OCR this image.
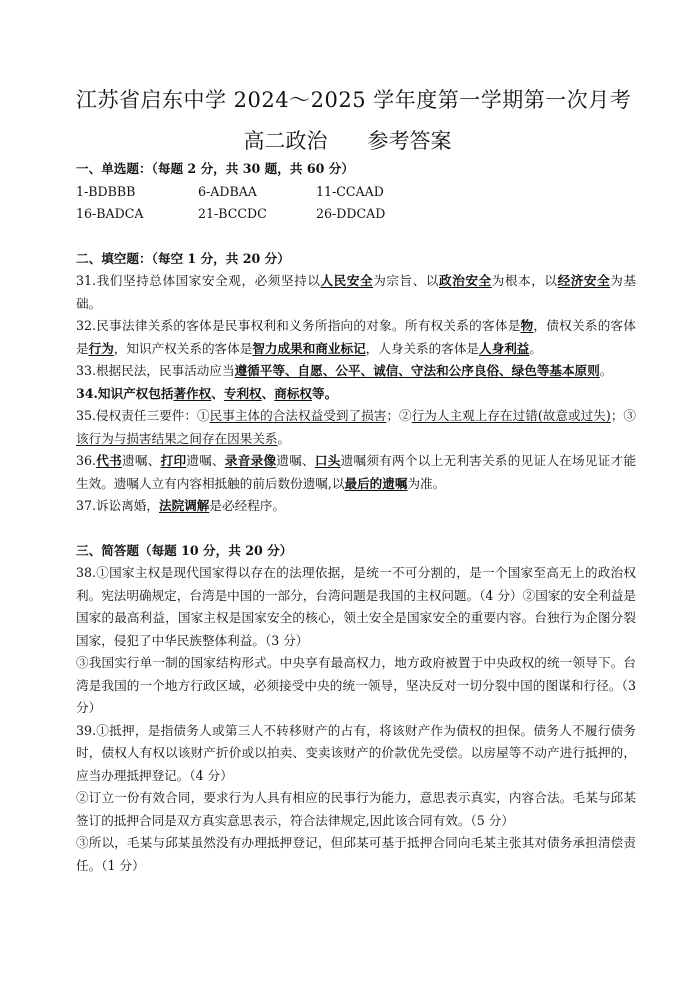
江苏省启东中学 2024～2025 学年度第一学期第一次月考
高二政治      参考答案

一、单选题：（每题 2 分，共 30 题，共 60 分）

1-BDBBB	6-ADBAA	11-CCAAD
16-BADCA	21-BCCDC	26-DDCAD

二、填空题：（每空 1 分，共 20 分）

31.我们坚持总体国家安全观，必须坚持以人民安全为宗旨、以政治安全为根本，以经济安全为基础。

32.民事法律关系的客体是民事权利和义务所指向的对象。所有权关系的客体是物，债权关系的客体是行为，知识产权关系的客体是智力成果和商业标记，人身关系的客体是人身利益。

33.根据民法，民事活动应当遵循平等、自愿、公平、诚信、守法和公序良俗、绿色等基本原则。

34.知识产权包括著作权、专利权、商标权等。

35.侵权责任三要件：①民事主体的合法权益受到了损害；②行为人主观上存在过错(故意或过失)；③该行为与损害结果之间存在因果关系。

36.代书遗嘱、打印遗嘱、录音录像遗嘱、口头遗嘱须有两个以上无利害关系的见证人在场见证才能生效。遗嘱人立有内容相抵触的前后数份遗嘱,以最后的遗嘱为准。

37.诉讼离婚，法院调解是必经程序。

三、简答题（每题 10 分，共 20 分）

38.①国家主权是现代国家得以存在的法理依据，是统一不可分割的，是一个国家至高无上的政治权利。宪法明确规定，台湾是中国的一部分，台湾问题是我国的主权问题。（4 分）②国家的安全利益是国家的最高利益，国家主权是国家安全的核心，领土安全是国家安全的重要内容。台独行为企图分裂国家，侵犯了中华民族整体利益。（3 分）

③我国实行单一制的国家结构形式。中央享有最高权力，地方政府被置于中央政权的统一领导下。台湾是我国的一个地方行政区域，必须接受中央的统一领导，坚决反对一切分裂中国的图谋和行径。（3 分）

39.①抵押，是指债务人或第三人不转移财产的占有，将该财产作为债权的担保。债务人不履行债务时，债权人有权以该财产折价或以拍卖、变卖该财产的价款优先受偿。以房屋等不动产进行抵押的，应当办理抵押登记。（4 分）

②订立一份有效合同，要求行为人具有相应的民事行为能力，意思表示真实，内容合法。毛某与邱某签订的抵押合同是双方真实意思表示，符合法律规定,因此该合同有效。（5 分）

③所以，毛某与邱某虽然没有办理抵押登记，但邱某可基于抵押合同向毛某主张其对债务承担清偿责任。（1 分）
